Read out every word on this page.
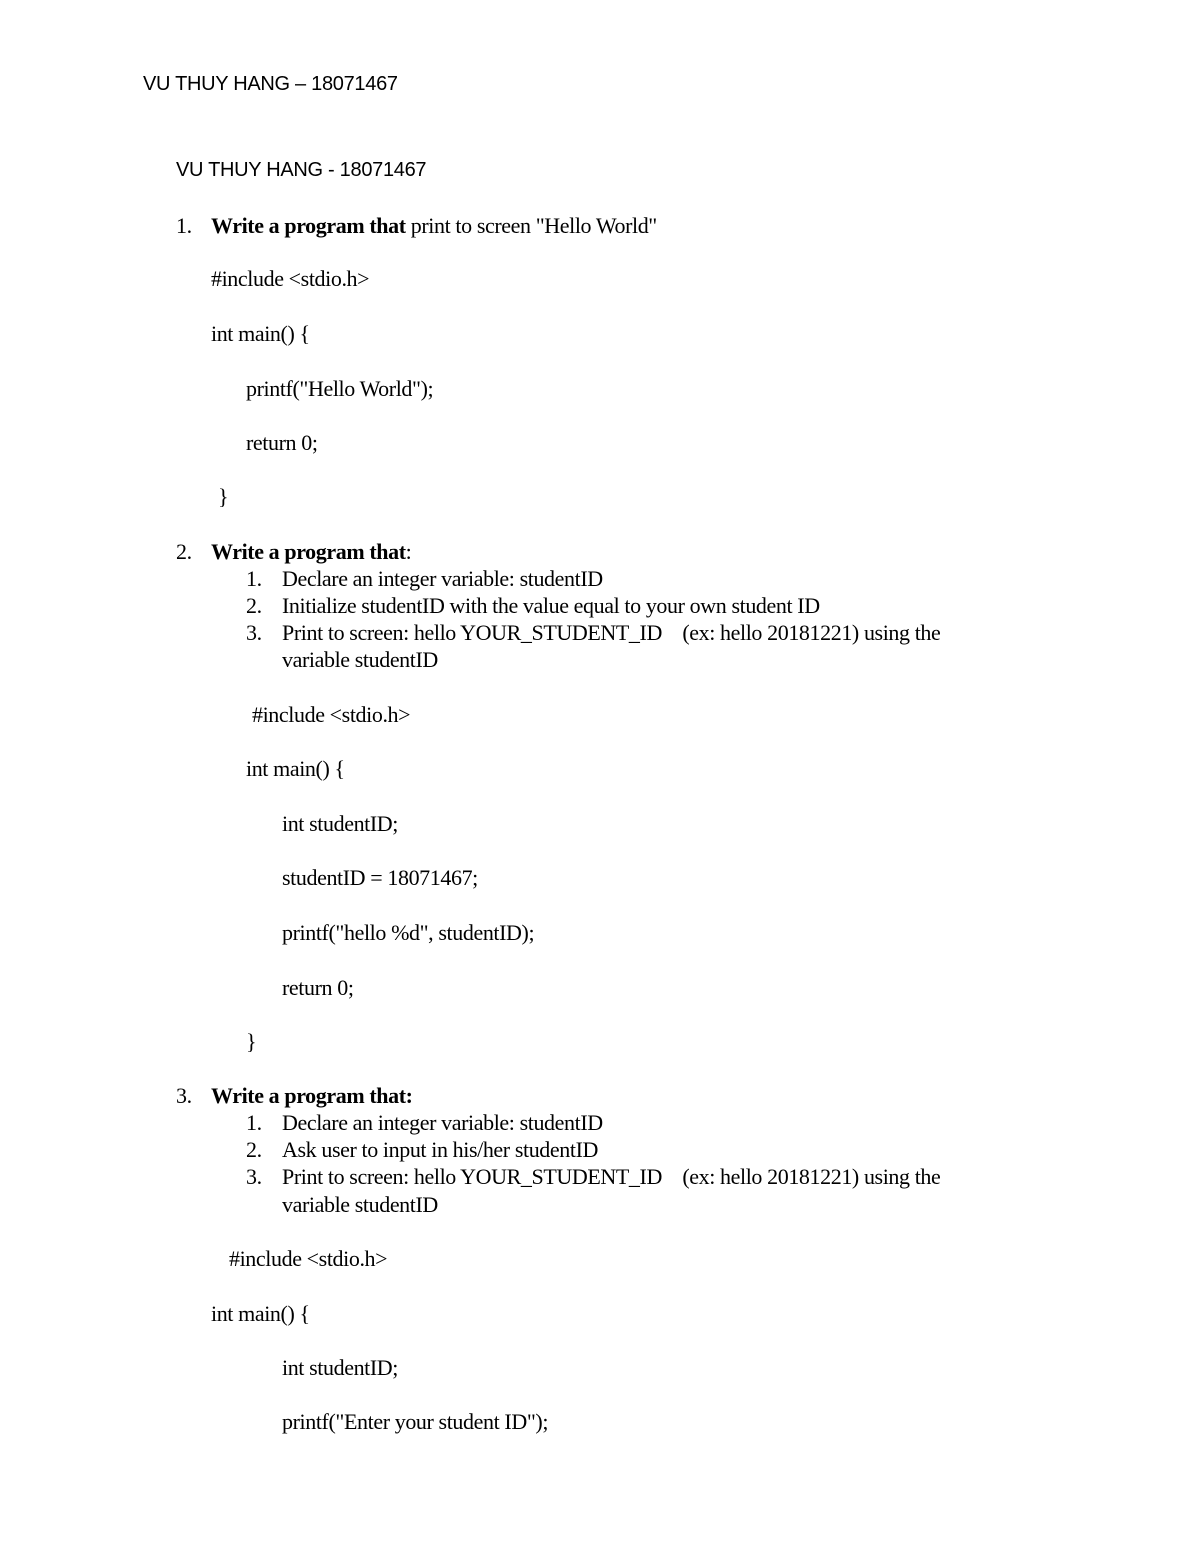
VU THUY HANG – 18071467
VU THUY HANG - 18071467
1. Write a program that print to screen "Hello World"
#include <stdio.h>
int main() {
printf("Hello World");
return 0;
}
2. Write a program that:
1. Declare an integer variable: studentID
2. Initialize studentID with the value equal to your own student ID
3. Print to screen: hello YOUR_STUDENT_ID    (ex: hello 20181221) using the
variable studentID
#include <stdio.h>
int main() {
int studentID;
studentID = 18071467;
printf("hello %d", studentID);
return 0;
}
3. Write a program that:
1. Declare an integer variable: studentID
2. Ask user to input in his/her studentID
3. Print to screen: hello YOUR_STUDENT_ID    (ex: hello 20181221) using the
variable studentID
#include <stdio.h>
int main() {
int studentID;
printf("Enter your student ID");
